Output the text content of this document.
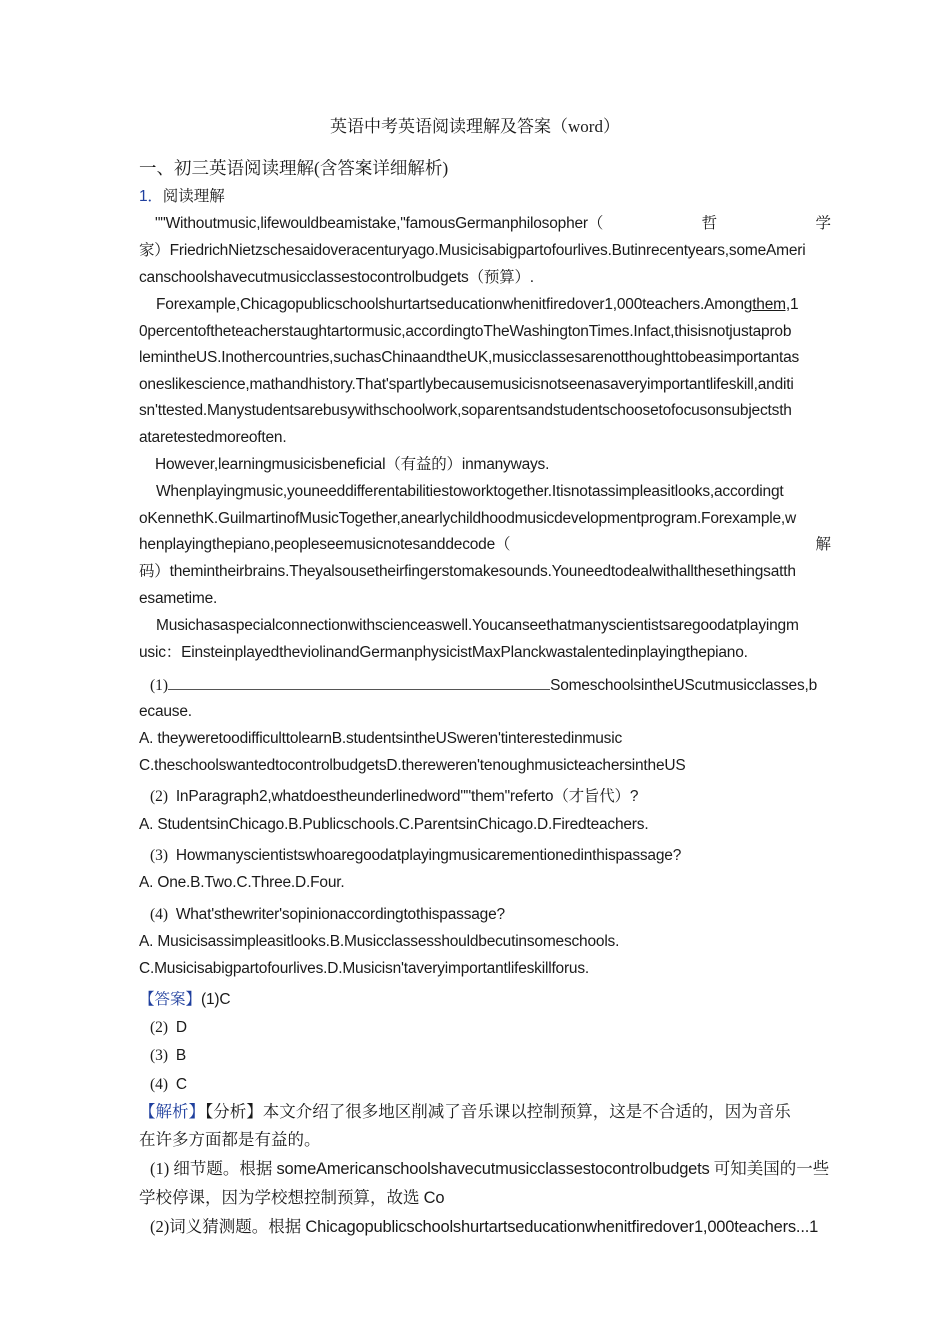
英语中考英语阅读理解及答案（word）
一、初三英语阅读理解(含答案详细解析)
1．阅读理解
""Withoutmusic,lifewouldbeamistake,"famousGermanphilosopher（	哲	学
家）FriedrichNietzschesaidoveracenturyago.Musicisabigpartofourlives.Butinrecentyears,someAmeri
canschoolshavecutmusicclassestocontrolbudgets（预算）.
Forexample,Chicagopublicschoolshurtartseducationwhenitfiredover1,000teachers.Amongthem,1
0percentoftheteacherstaughtartormusic,accordingtoTheWashingtonTimes.Infact,thisisnotjustaprob
lemintheUS.Inothercountries,suchasChinaandtheUK,musicclassesarenotthoughttobeasimportantas
oneslikescience,mathandhistory.That'spartlybecausemusicisnotseenasaveryimportantlifeskill,anditi
sn'ttested.Manystudentsarebusywithschoolwork,soparentsandstudentschoosetofocusonsubjectsth
ataretestedmoreoften.
However,learningmusicisbeneficial（有益的）inmanyways.
Whenplayingmusic,youneeddifferentabilitiestoworktogether.Itisnotassimpleasitlooks,accordingt
oKennethK.GuilmartinofMusicTogether,anearlychildhoodmusicdevelopmentprogram.Forexample,w
henplayingthepiano,peopleseemusicnotesanddecode（	解
码）themintheirbrains.Theyalsousetheirfingerstomakesounds.Youneedtodealwithallthesethingsatth
esametime.
Musichasaspecialconnectionwithscienceaswell.Youcanseethatmanyscientistsaregoodatplayingm
usic：EinsteinplayedtheviolinandGermanphysicistMaxPlanckwastalentedinplayingthepiano.
(1)	SomeschoolsintheUScutmusicclasses,b
ecause.
A. theyweretoodifficulttolearnB.studentsintheUSweren'tinterestedinmusic
C.theschoolswantedtocontrolbudgetsD.thereweren'tenoughmusicteachersintheUS
(2) InParagraph2,whatdoestheunderlinedword""them"referto（才旨代）?
A. StudentsinChicago.B.Publicschools.C.ParentsinChicago.D.Firedteachers.
(3) Howmanyscientistswhoaregoodatplayingmusicarementionedinthispassage?
A. One.B.Two.C.Three.D.Four.
(4) What'sthewriter'sopinionaccordingtothispassage?
A. Musicisassimpleasitlooks.B.Musicclassesshouldbecutinsomeschools.
C.Musicisabigpartofourlives.D.Musicisn'taveryimportantlifeskillforus.
【答案】(1)C
(2) D
(3) B
(4) C
【解析】【分析】本文介绍了很多地区削减了音乐课以控制预算，这是不合适的，因为音乐
在许多方面都是有益的。
(1) 细节题。根据 someAmericanschoolshavecutmusicclassestocontrolbudgets 可知美国的一些
学校停课，因为学校想控制预算，故选 Co
(2)词义猜测题。根据 Chicagopublicschoolshurtartseducationwhenitfiredover1,000teachers...1
